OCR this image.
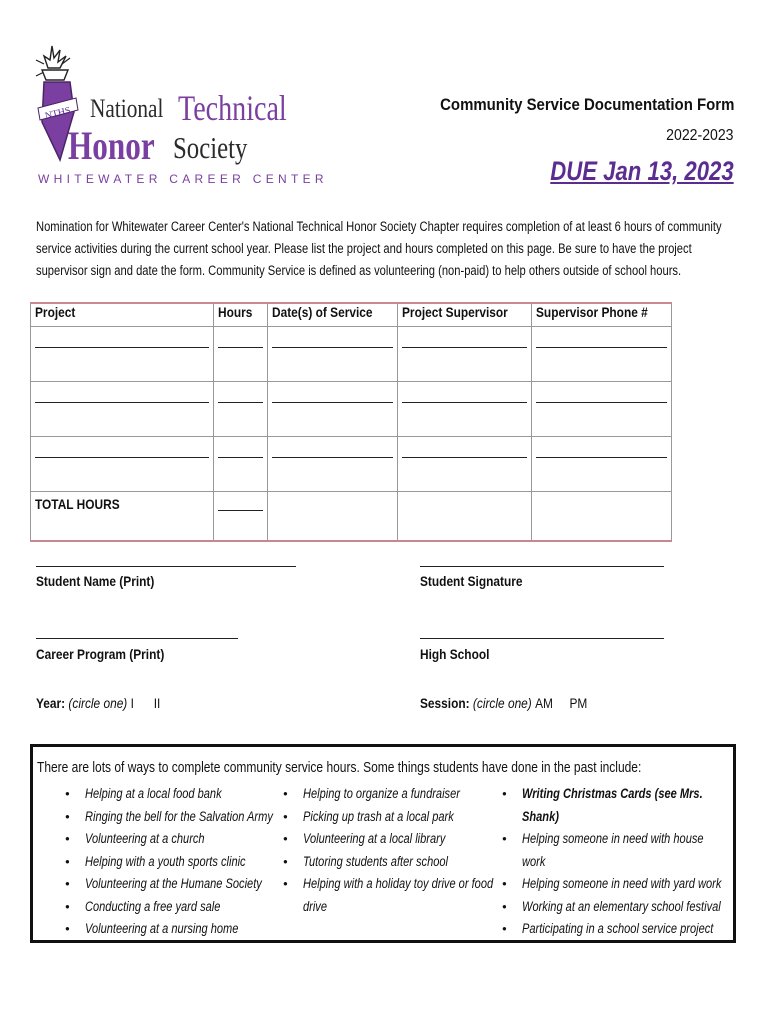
NTHS National Technical
Honor Society
WHITEWATER CAREER CENTER
Community Service Documentation Form
2022-2023
DUE Jan 13, 2023
Nomination for Whitewater Career Center's National Technical Honor Society Chapter requires completion of at least 6 hours of community service activities during the current school year. Please list the project and hours completed on this page. Be sure to have the project supervisor sign and date the form. Community Service is defined as volunteering (non-paid) to help others outside of school hours.
Project	Hours	Date(s) of Service	Project Supervisor	Supervisor Phone #

TOTAL HOURS	

Student Name (Print)	Student Signature
Career Program (Print)	High School
Year: (circle one) I      II	Session: (circle one) AM     PM
There are lots of ways to complete community service hours. Some things students have done in the past include:
● Helping at a local food bank
● Ringing the bell for the Salvation Army
● Volunteering at a church
● Helping with a youth sports clinic
● Volunteering at the Humane Society
● Conducting a free yard sale
● Volunteering at a nursing home
● Helping to organize a fundraiser
● Picking up trash at a local park
● Volunteering at a local library
● Tutoring students after school
● Helping with a holiday toy drive or food
drive
● Writing Christmas Cards (see Mrs.
Shank)
● Helping someone in need with house
work
● Helping someone in need with yard work
● Working at an elementary school festival
● Participating in a school service project
